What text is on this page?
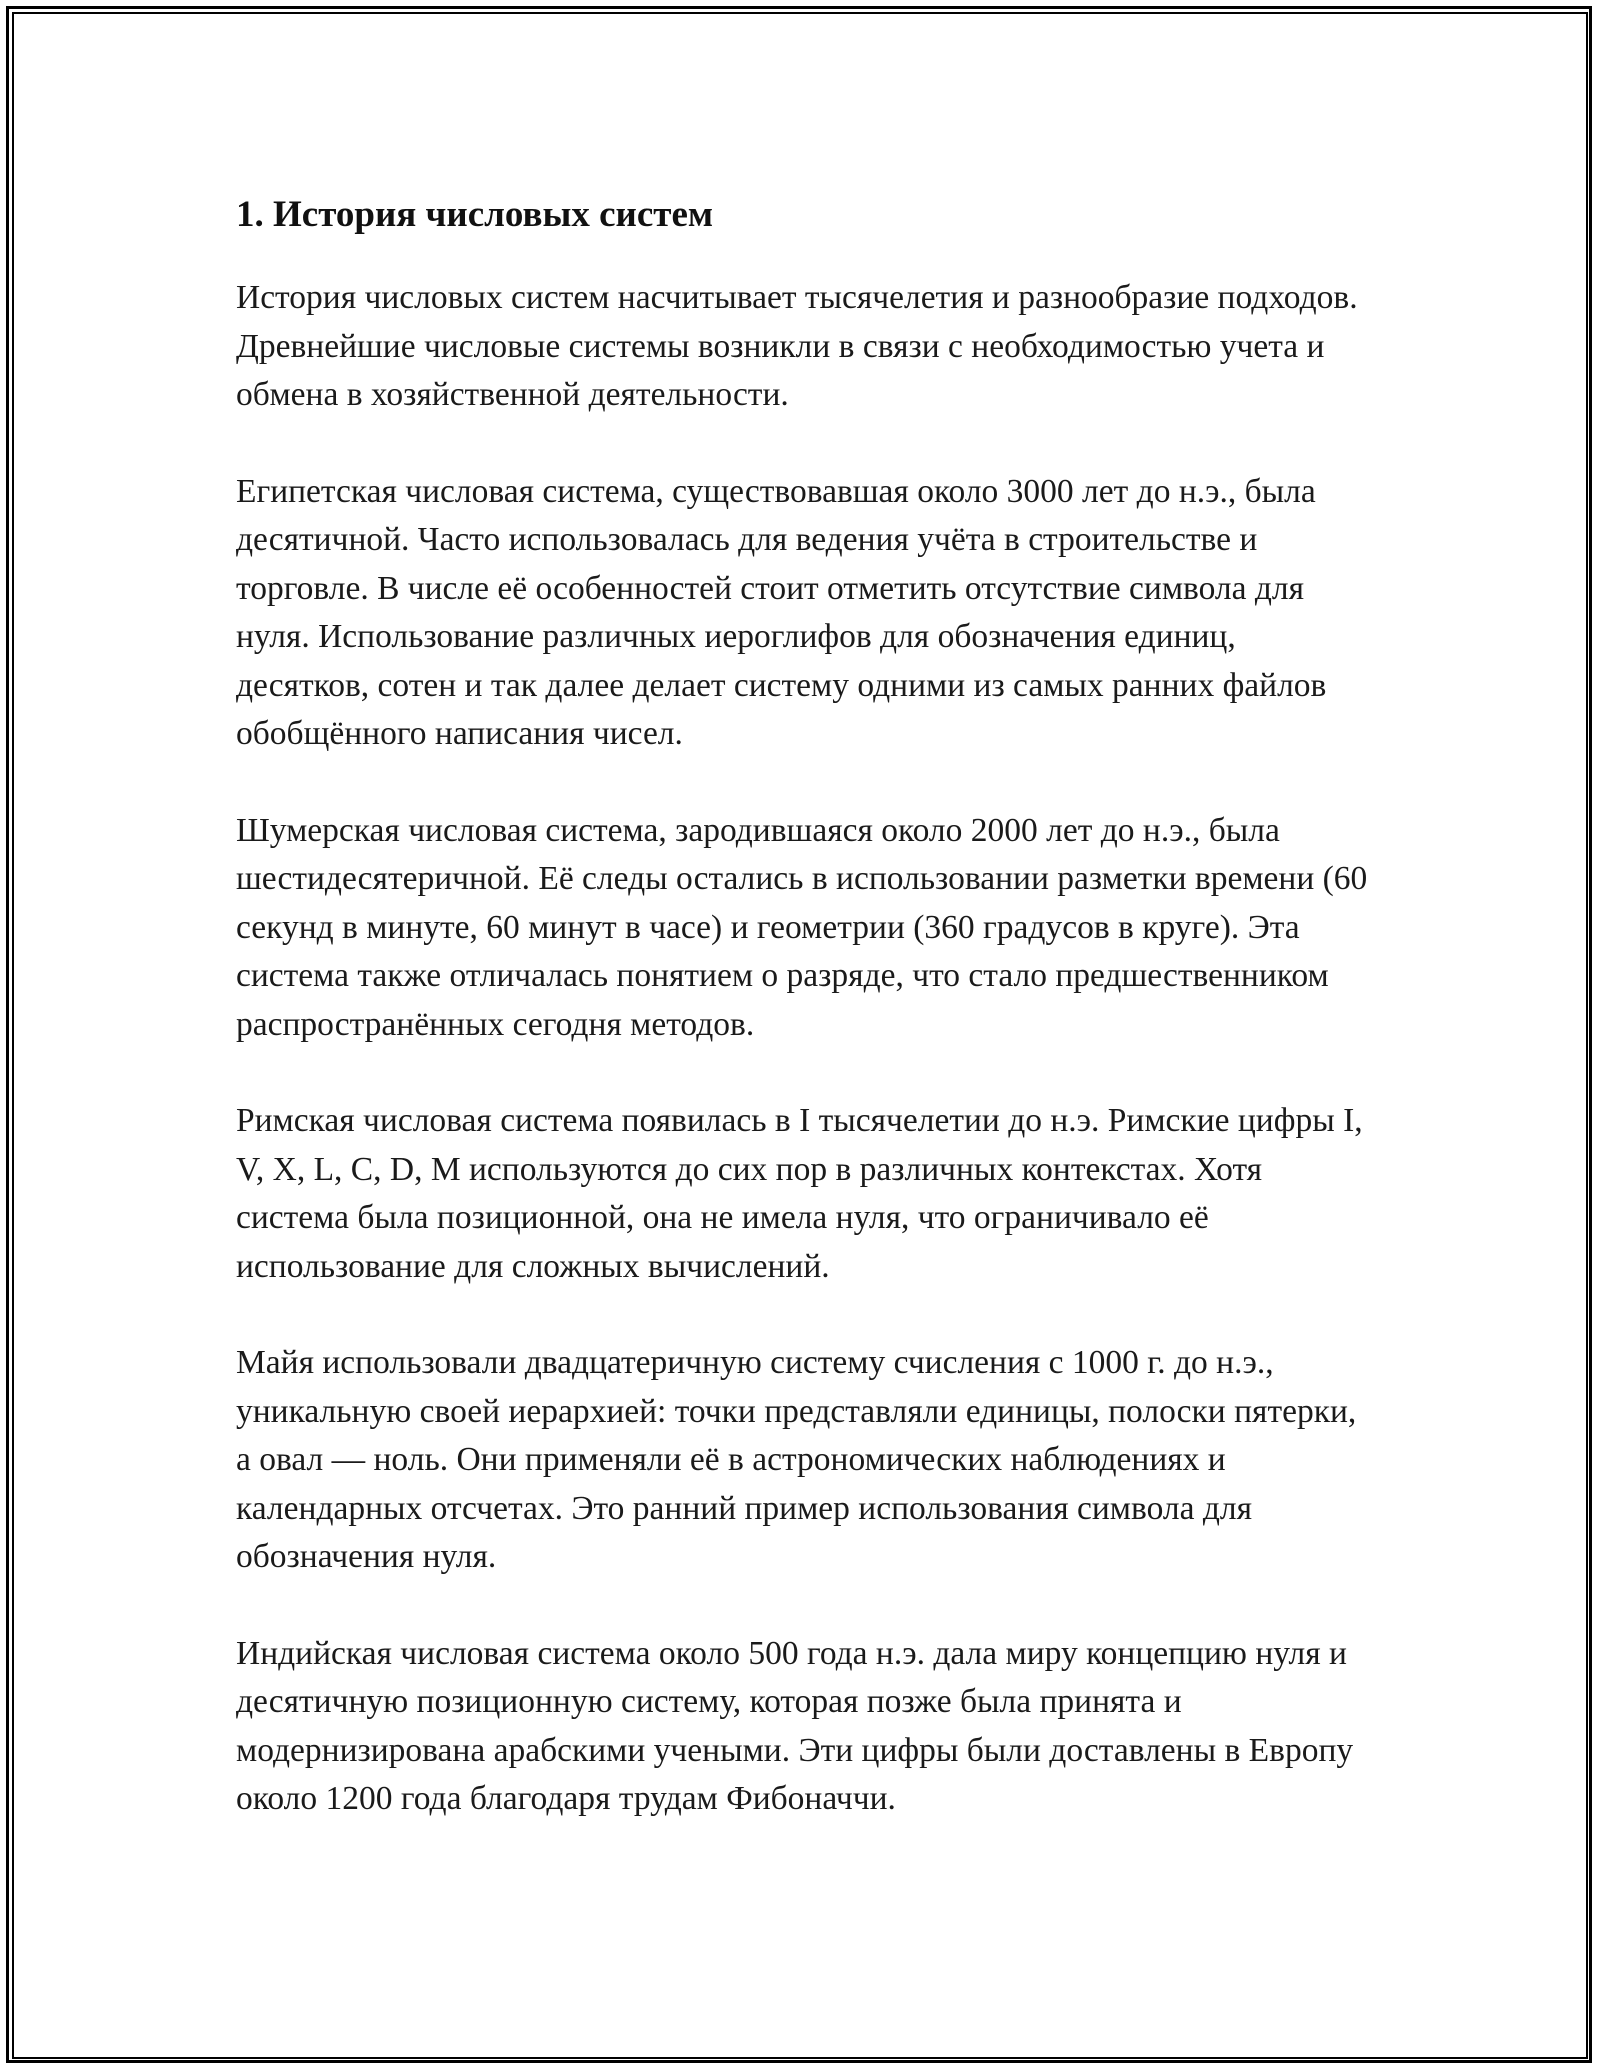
1. История числовых систем

История числовых систем насчитывает тысячелетия и разнообразие подходов. Древнейшие числовые системы возникли в связи с необходимостью учета и обмена в хозяйственной деятельности.

Египетская числовая система, существовавшая около 3000 лет до н.э., была десятичной. Часто использовалась для ведения учёта в строительстве и торговле. В числе её особенностей стоит отметить отсутствие символа для нуля. Использование различных иероглифов для обозначения единиц, десятков, сотен и так далее делает систему одними из самых ранних файлов обобщённого написания чисел.

Шумерская числовая система, зародившаяся около 2000 лет до н.э., была шестидесятеричной. Её следы остались в использовании разметки времени (60 секунд в минуте, 60 минут в часе) и геометрии (360 градусов в круге). Эта система также отличалась понятием о разряде, что стало предшественником распространённых сегодня методов.

Римская числовая система появилась в I тысячелетии до н.э. Римские цифры I, V, X, L, C, D, M используются до сих пор в различных контекстах. Хотя система была позиционной, она не имела нуля, что ограничивало её использование для сложных вычислений.

Майя использовали двадцатеричную систему счисления с 1000 г. до н.э., уникальную своей иерархией: точки представляли единицы, полоски пятерки, а овал — ноль. Они применяли её в астрономических наблюдениях и календарных отсчетах. Это ранний пример использования символа для обозначения нуля.

Индийская числовая система около 500 года н.э. дала миру концепцию нуля и десятичную позиционную систему, которая позже была принята и модернизирована арабскими учеными. Эти цифры были доставлены в Европу около 1200 года благодаря трудам Фибоначчи.
